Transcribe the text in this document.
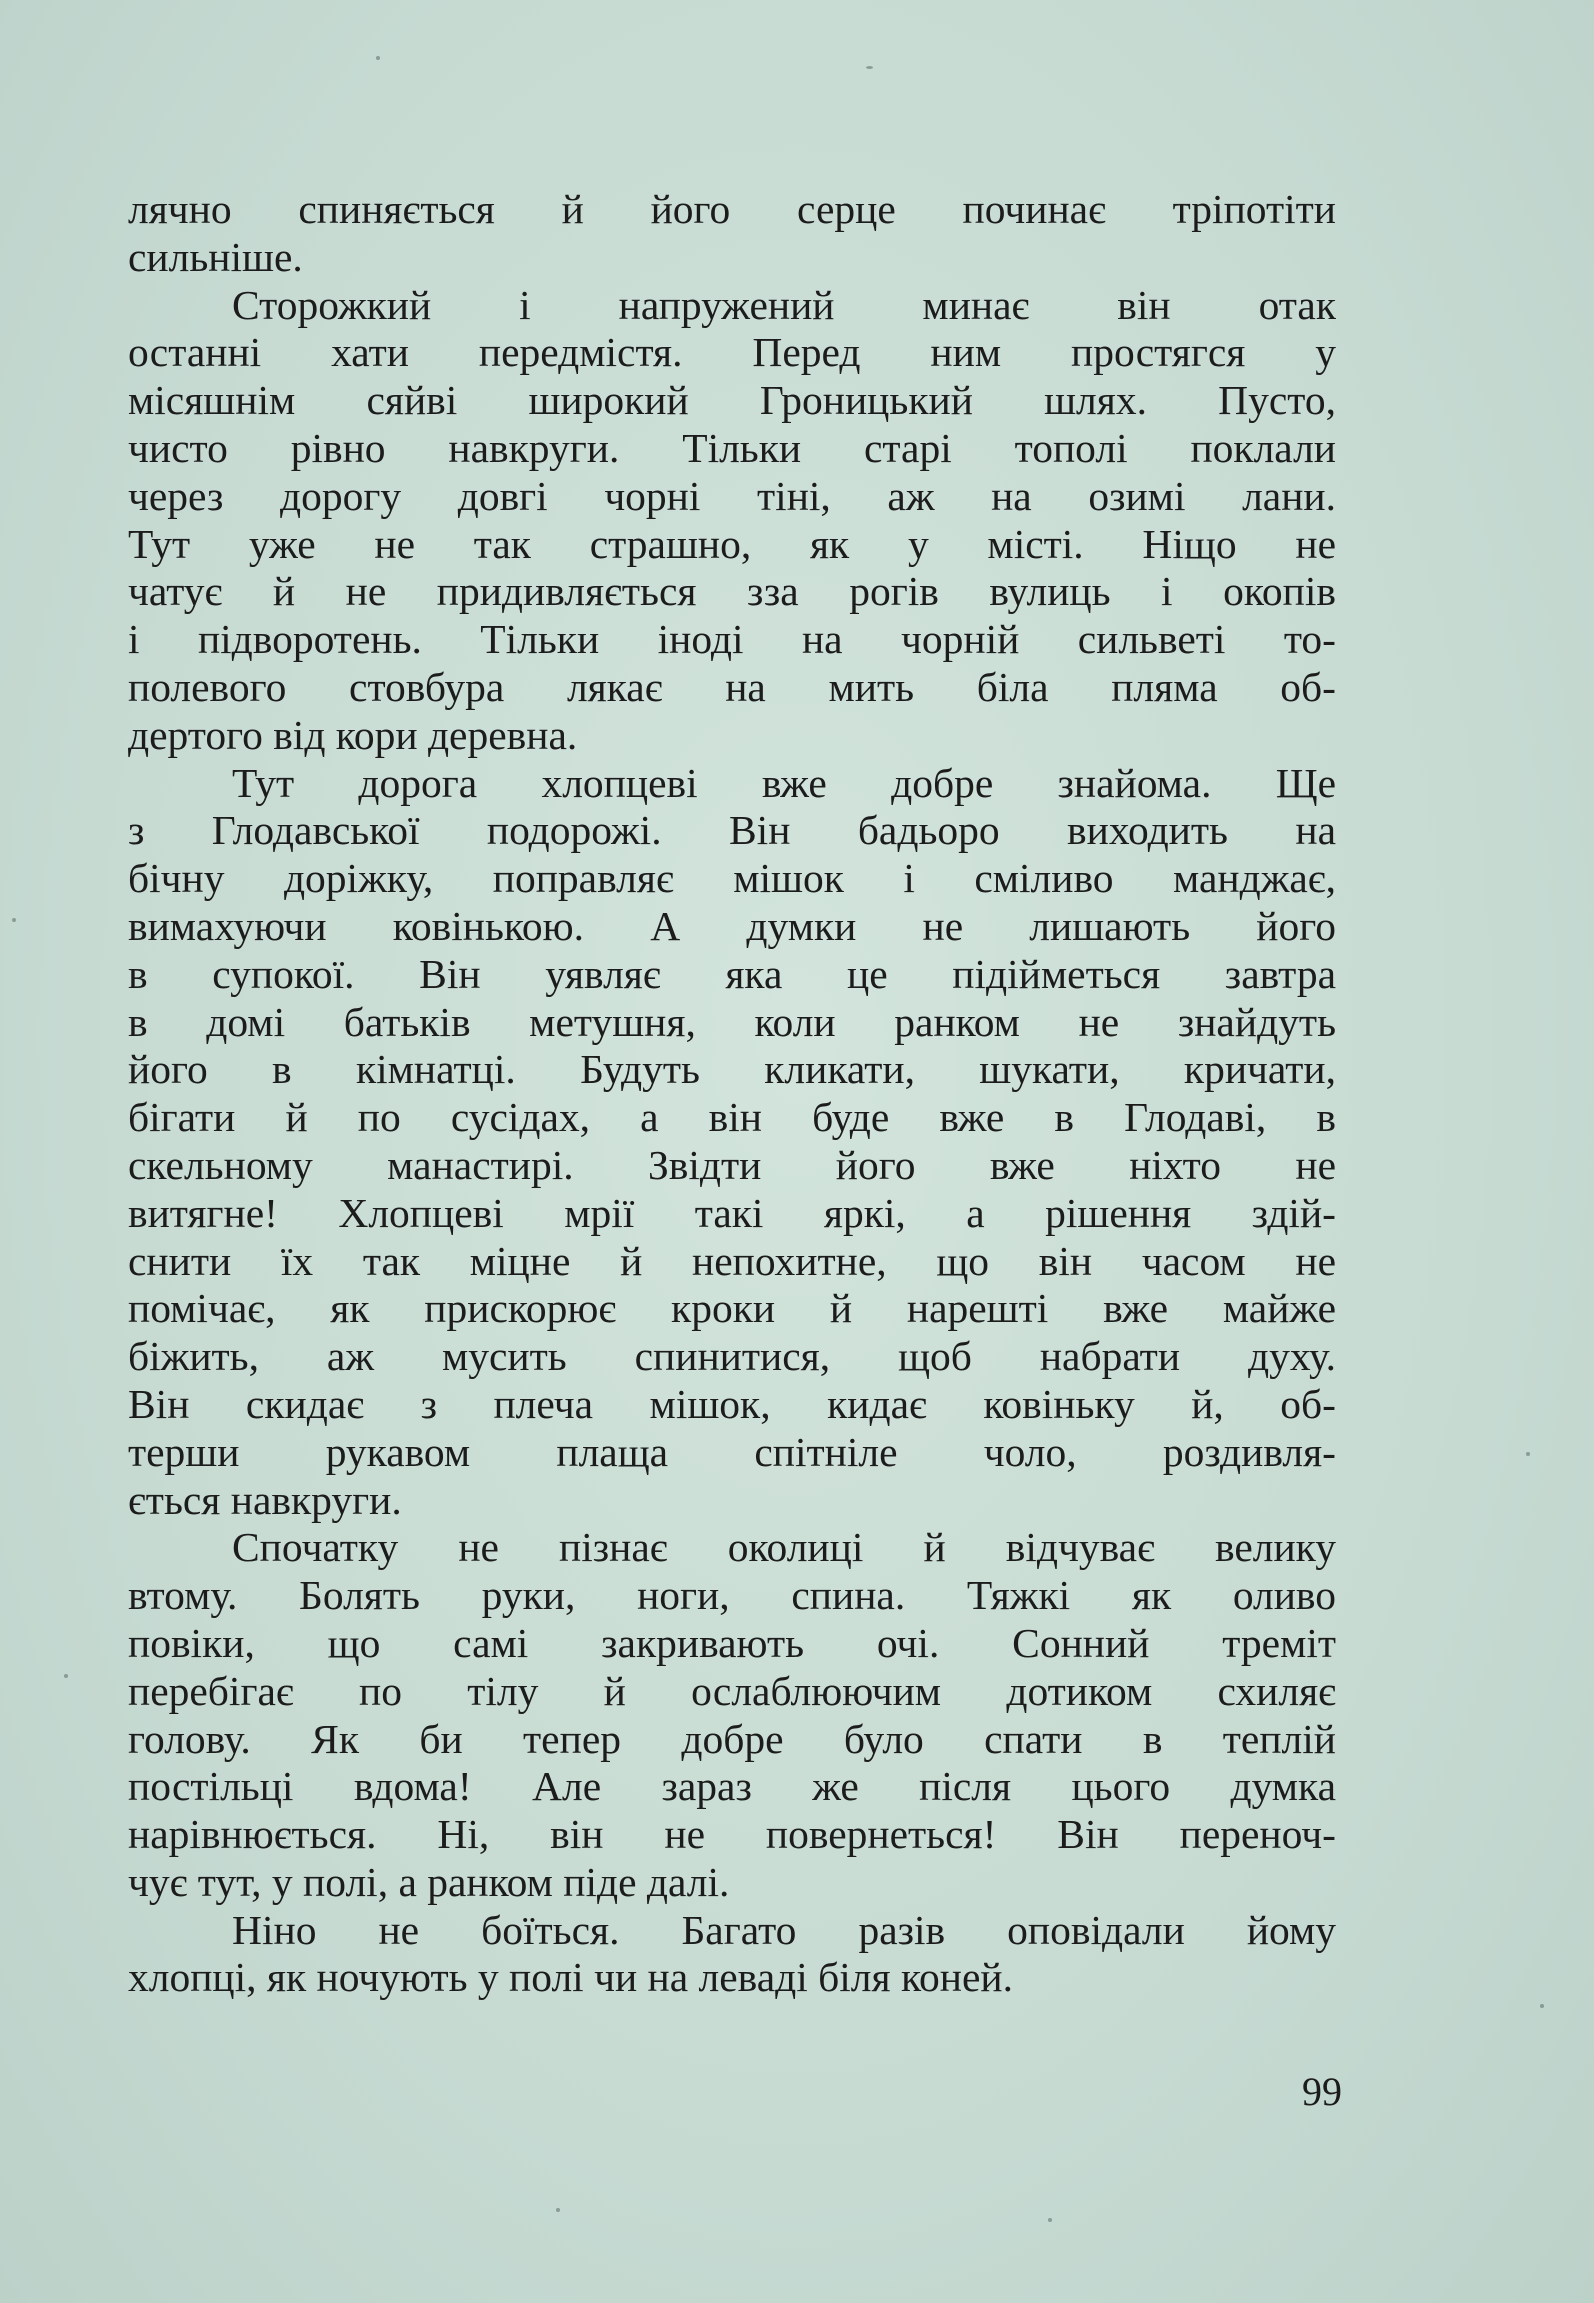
лячно спиняється й його серце починає тріпотіти
сильніше.
Сторожкий і напружений минає він отак
останні хати передмістя. Перед ним простягся у
місяшнім сяйві широкий Гроницький шлях. Пусто,
чисто рівно навкруги. Тільки старі тополі поклали
через дорогу довгі чорні тіні, аж на озимі лани.
Тут уже не так страшно, як у місті. Ніщо не
чатує й не придивляється зза рогів вулиць і окопів
і підворотень. Тільки іноді на чорній сильветі то-
полевого стовбура лякає на мить біла пляма об-
дертого від кори деревна.
Тут дорога хлопцеві вже добре знайома. Ще
з Глодавської подорожі. Він бадьоро виходить на
бічну доріжку, поправляє мішок і сміливо манджає,
вимахуючи ковінькою. А думки не лишають його
в супокої. Він уявляє яка це підійметься завтра
в домі батьків метушня, коли ранком не знайдуть
його в кімнатці. Будуть кликати, шукати, кричати,
бігати й по сусідах, а він буде вже в Глодаві, в
скельному манастирі. Звідти його вже ніхто не
витягне! Хлопцеві мрії такі яркі, а рішення здій-
снити їх так міцне й непохитне, що він часом не
помічає, як прискорює кроки й нарешті вже майже
біжить, аж мусить спинитися, щоб набрати духу.
Він скидає з плеча мішок, кидає ковіньку й, об-
терши рукавом плаща спітніле чоло, роздивля-
ється навкруги.
Спочатку не пізнає околиці й відчуває велику
втому. Болять руки, ноги, спина. Тяжкі як оливо
повіки, що самі закривають очі. Сонний треміт
перебігає по тілу й ослаблюючим дотиком схиляє
голову. Як би тепер добре було спати в теплій
постільці вдома! Але зараз же після цього думка
нарівнюється. Ні, він не повернеться! Він переноч-
чує тут, у полі, а ранком піде далі.
Ніно не боїться. Багато разів оповідали йому
хлопці, як ночують у полі чи на леваді біля коней.
99
